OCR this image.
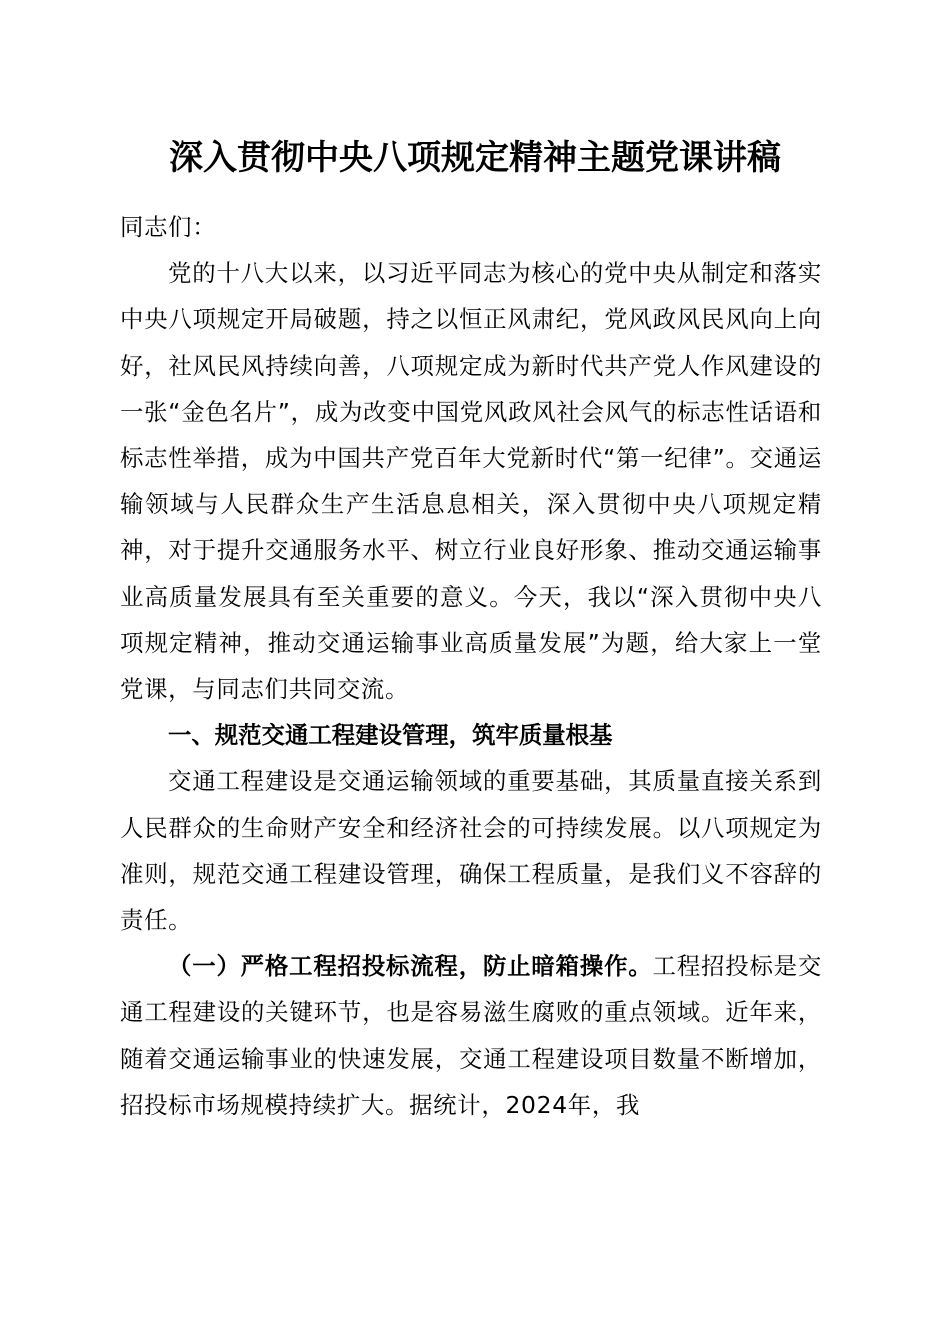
深入贯彻中央八项规定精神主题党课讲稿

同志们：

党的十八大以来，以习近平同志为核心的党中央从制定和落实中央八项规定开局破题，持之以恒正风肃纪，党风政风民风向上向好，社风民风持续向善，八项规定成为新时代共产党人作风建设的一张“金色名片”，成为改变中国党风政风社会风气的标志性话语和标志性举措，成为中国共产党百年大党新时代“第一纪律”。交通运输领域与人民群众生产生活息息相关，深入贯彻中央八项规定精神，对于提升交通服务水平、树立行业良好形象、推动交通运输事业高质量发展具有至关重要的意义。今天，我以“深入贯彻中央八项规定精神，推动交通运输事业高质量发展”为题，给大家上一堂党课，与同志们共同交流。

一、规范交通工程建设管理，筑牢质量根基

交通工程建设是交通运输领域的重要基础，其质量直接关系到人民群众的生命财产安全和经济社会的可持续发展。以八项规定为准则，规范交通工程建设管理，确保工程质量，是我们义不容辞的责任。

（一）严格工程招投标流程，防止暗箱操作。工程招投标是交通工程建设的关键环节，也是容易滋生腐败的重点领域。近年来，随着交通运输事业的快速发展，交通工程建设项目数量不断增加，招投标市场规模持续扩大。据统计，2024年，我
